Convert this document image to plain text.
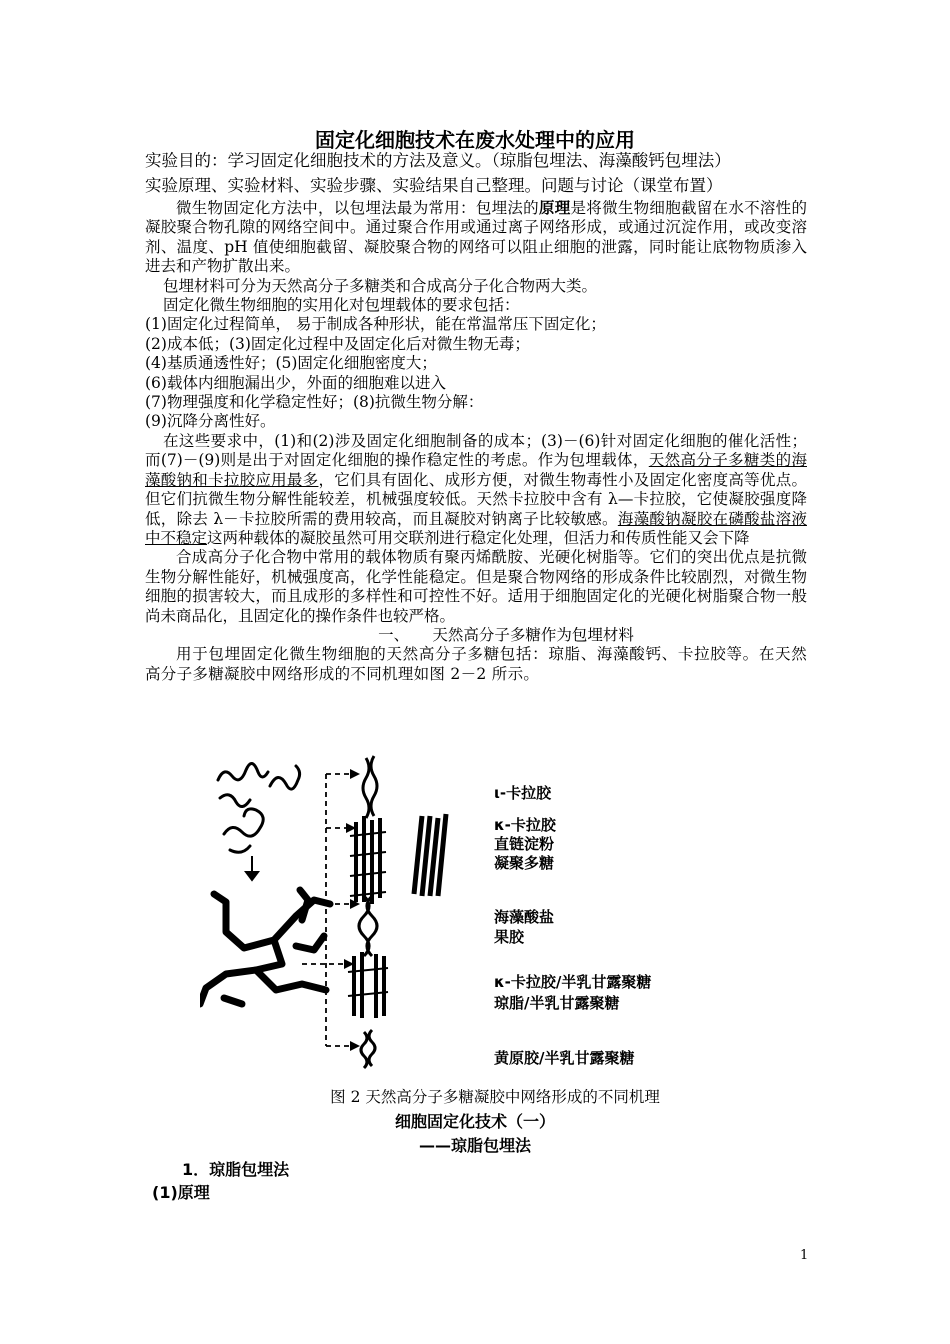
固定化细胞技术在废水处理中的应用
实验目的：学习固定化细胞技术的方法及意义。（琼脂包埋法、海藻酸钙包埋法）
实验原理、实验材料、实验步骤、实验结果自己整理。问题与讨论（课堂布置）

微生物固定化方法中，以包埋法最为常用：包埋法的原理是将微生物细胞截留在水不溶性的凝胶聚合物孔隙的网络空间中。通过聚合作用或通过离子网络形成，或通过沉淀作用，或改变溶剂、温度、pH 值使细胞截留、凝胶聚合物的网络可以阻止细胞的泄露，同时能让底物物质渗入进去和产物扩散出来。

包埋材料可分为天然高分子多糖类和合成高分子化合物两大类。

固定化微生物细胞的实用化对包埋载体的要求包括：

(1)固定化过程简单， 易于制成各种形状，能在常温常压下固定化；

(2)成本低；(3)固定化过程中及固定化后对微生物无毒；

(4)基质通透性好；(5)固定化细胞密度大；

(6)载体内细胞漏出少，外面的细胞难以进入

(7)物理强度和化学稳定性好；(8)抗微生物分解：

(9)沉降分离性好。

在这些要求中，(1)和(2)涉及固定化细胞制备的成本；(3)－(6)针对固定化细胞的催化活性；而(7)－(9)则是出于对固定化细胞的操作稳定性的考虑。作为包埋载体，天然高分子多糖类的海藻酸钠和卡拉胶应用最多，它们具有固化、成形方便，对微生物毒性小及固定化密度高等优点。但它们抗微生物分解性能较差，机械强度较低。天然卡拉胶中含有 λ—卡拉胶，它使凝胶强度降低，除去 λ－卡拉胶所需的费用较高，而且凝胶对钠离子比较敏感。海藻酸钠凝胶在磷酸盐溶液中不稳定这两种载体的凝胶虽然可用交联剂进行稳定化处理，但活力和传质性能又会下降

合成高分子化合物中常用的载体物质有聚丙烯酰胺、光硬化树脂等。它们的突出优点是抗微生物分解性能好，机械强度高，化学性能稳定。但是聚合物网络的形成条件比较剧烈，对微生物细胞的损害较大，而且成形的多样性和可控性不好。适用于细胞固定化的光硬化树脂聚合物一般尚未商品化，且固定化的操作条件也较严格。

一、　　天然高分子多糖作为包埋材料

用于包埋固定化微生物细胞的天然高分子多糖包括：琼脂、海藻酸钙、卡拉胶等。在天然高分子多糖凝胶中网络形成的不同机理如图 2－2 所示。

ι-卡拉胶
κ-卡拉胶
直链淀粉
凝聚多糖
海藻酸盐
果胶
κ-卡拉胶/半乳甘露聚糖
琼脂/半乳甘露聚糖
黄原胶/半乳甘露聚糖
图 2 天然高分子多糖凝胶中网络形成的不同机理
细胞固定化技术（一）
——琼脂包埋法
1．琼脂包埋法
(1)原理
1
